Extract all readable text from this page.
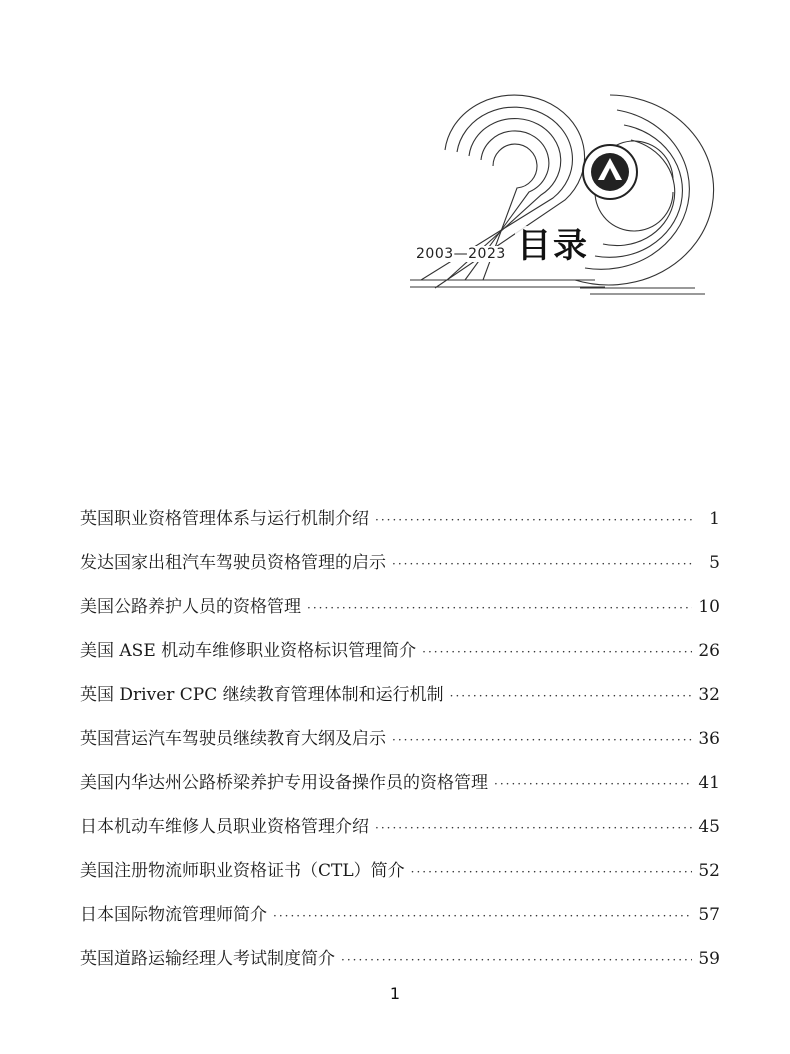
2003—2023 目录
英国职业资格管理体系与运行机制介绍 ·····	1
发达国家出租汽车驾驶员资格管理的启示 ·····	5
美国公路养护人员的资格管理 ·····	10
美国 ASE 机动车维修职业资格标识管理简介 ·····	26
英国 Driver CPC 继续教育管理体制和运行机制 ·····	32
英国营运汽车驾驶员继续教育大纲及启示 ·····	36
美国内华达州公路桥梁养护专用设备操作员的资格管理 ·····	41
日本机动车维修人员职业资格管理介绍 ·····	45
美国注册物流师职业资格证书（CTL）简介 ·····	52
日本国际物流管理师简介 ·····	57
英国道路运输经理人考试制度简介 ·····	59
1
